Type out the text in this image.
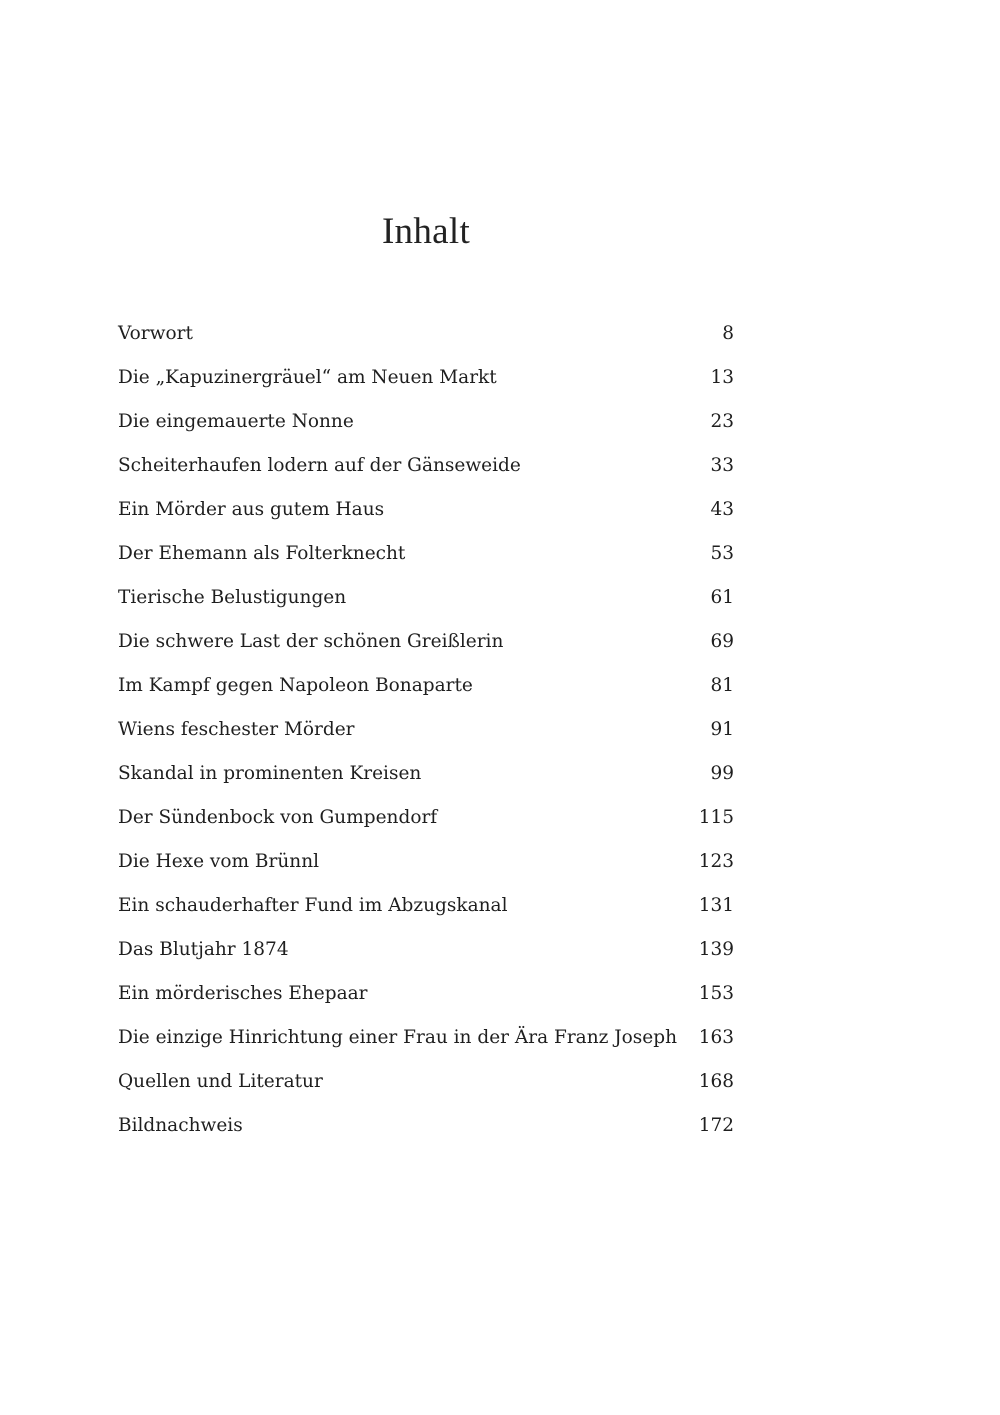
Inhalt
Vorwort	8
Die „Kapuzinergräuel“ am Neuen Markt	13
Die eingemauerte Nonne	23
Scheiterhaufen lodern auf der Gänseweide	33
Ein Mörder aus gutem Haus	43
Der Ehemann als Folterknecht	53
Tierische Belustigungen	61
Die schwere Last der schönen Greißlerin	69
Im Kampf gegen Napoleon Bonaparte	81
Wiens feschester Mörder	91
Skandal in prominenten Kreisen	99
Der Sündenbock von Gumpendorf	115
Die Hexe vom Brünnl	123
Ein schauderhafter Fund im Abzugskanal	131
Das Blutjahr 1874	139
Ein mörderisches Ehepaar	153
Die einzige Hinrichtung einer Frau in der Ära Franz Joseph 163
Quellen und Literatur	168
Bildnachweis	172
